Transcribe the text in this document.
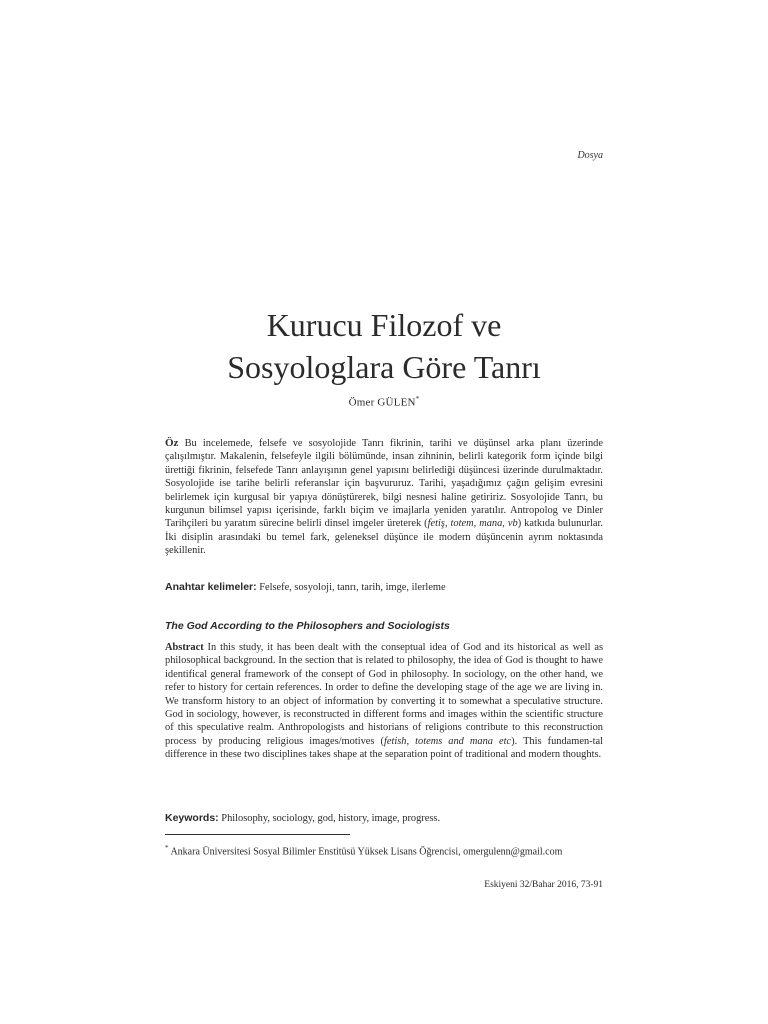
Dosya
Kurucu Filozof ve
Sosyologlara Göre Tanrı
Ömer GÜLEN*
Öz Bu incelemede, felsefe ve sosyolojide Tanrı fikrinin, tarihi ve düşünsel arka planı üzerinde çalışılmıştır. Makalenin, felsefeyle ilgili bölümünde, insan zihninin, belirli kategorik form içinde bilgi ürettiği fikrinin, felsefede Tanrı anlayışının genel yapısını belirlediği düşüncesi üzerinde durulmaktadır. Sosyolojide ise tarihe belirli referanslar için başvururuz. Tarihi, yaşadığımız çağın gelişim evresini belirlemek için kurgusal bir yapıya dönüştürerek, bilgi nesnesi haline getiririz. Sosyolojide Tanrı, bu kurgunun bilimsel yapısı içerisinde, farklı biçim ve imajlarla yeniden yaratılır. Antropolog ve Dinler Tarihçileri bu yaratım sürecine belirli dinsel imgeler üreterek (fetiş, totem, mana, vb) katkıda bulunurlar. İki disiplin arasındaki bu temel fark, geleneksel düşünce ile modern düşüncenin ayrım noktasında şekillenir.
Anahtar kelimeler: Felsefe, sosyoloji, tanrı, tarih, imge, ilerleme
The God According to the Philosophers and Sociologists
Abstract In this study, it has been dealt with the conseptual idea of God and its historical as well as philosophical background. In the section that is related to philosophy, the idea of God is thought to hawe identifical general framework of the consept of God in philosophy. In sociology, on the other hand, we refer to history for certain references. In order to define the developing stage of the age we are living in. We transform history to an object of information by converting it to somewhat a speculative structure. God in sociology, however, is reconstructed in different forms and images within the scientific structure of this speculative realm. Anthropologists and historians of religions contribute to this reconstruction process by producing religious images/motives (fetish, totems and mana etc). This fundamen-tal difference in these two disciplines takes shape at the separation point of traditional and modern thoughts.
Keywords: Philosophy, sociology, god, history, image, progress.
* Ankara Üniversitesi Sosyal Bilimler Enstitüsü Yüksek Lisans Öğrencisi, omergulenn@gmail.com
Eskiyeni 32/Bahar 2016, 73-91
